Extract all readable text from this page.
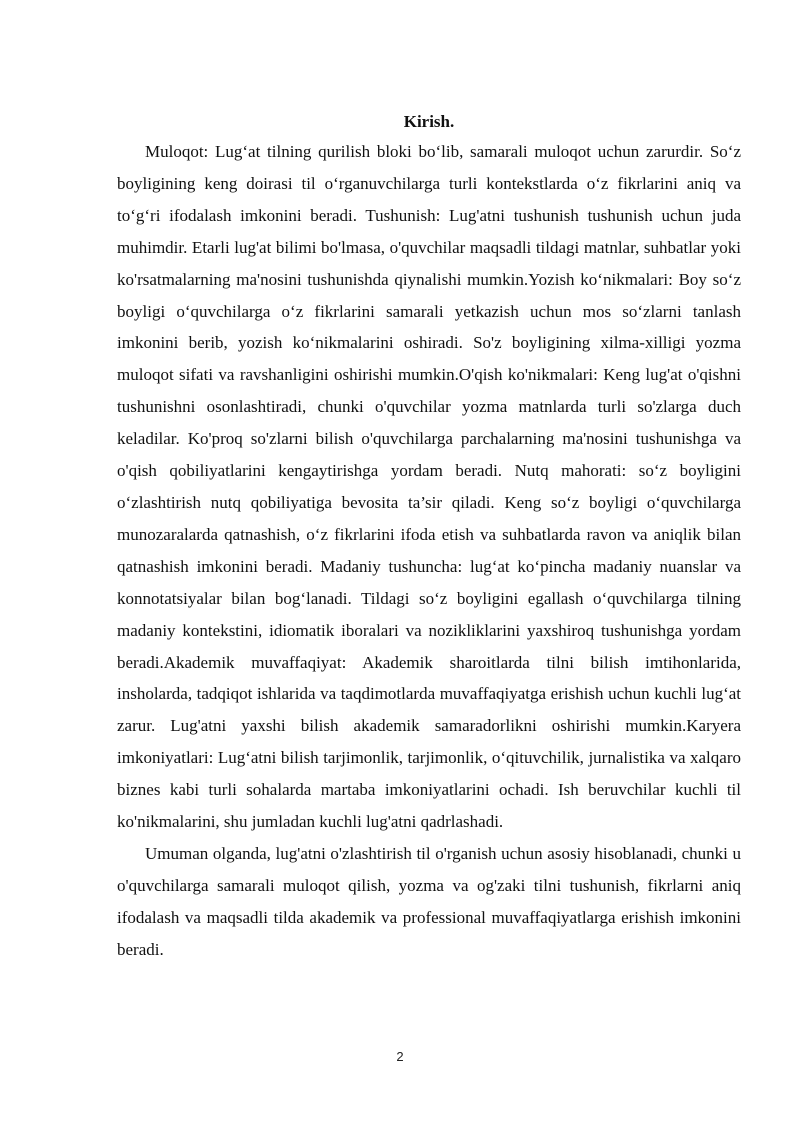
Kirish.

Muloqot: Lug‘at tilning qurilish bloki bo‘lib, samarali muloqot uchun zarurdir. So‘z boyligining keng doirasi til o‘rganuvchilarga turli kontekstlarda o‘z fikrlarini aniq va to‘g‘ri ifodalash imkonini beradi. Tushunish: Lug'atni tushunish tushunish uchun juda muhimdir. Etarli lug'at bilimi bo'lmasa, o'quvchilar maqsadli tildagi matnlar, suhbatlar yoki ko'rsatmalarning ma'nosini tushunishda qiynalishi mumkin.Yozish ko‘nikmalari: Boy so‘z boyligi o‘quvchilarga o‘z fikrlarini samarali yetkazish uchun mos so‘zlarni tanlash imkonini berib, yozish ko‘nikmalarini oshiradi. So'z boyligining xilma-xilligi yozma muloqot sifati va ravshanligini oshirishi mumkin.O'qish ko'nikmalari: Keng lug'at o'qishni tushunishni osonlashtiradi, chunki o'quvchilar yozma matnlarda turli so'zlarga duch keladilar. Ko'proq so'zlarni bilish o'quvchilarga parchalarning ma'nosini tushunishga va o'qish qobiliyatlarini kengaytirishga yordam beradi. Nutq mahorati: so‘z boyligini o‘zlashtirish nutq qobiliyatiga bevosita ta’sir qiladi. Keng so‘z boyligi o‘quvchilarga munozaralarda qatnashish, o‘z fikrlarini ifoda etish va suhbatlarda ravon va aniqlik bilan qatnashish imkonini beradi. Madaniy tushuncha: lug‘at ko‘pincha madaniy nuanslar va konnotatsiyalar bilan bog‘lanadi. Tildagi so‘z boyligini egallash o‘quvchilarga tilning madaniy kontekstini, idiomatik iboralari va nozikliklarini yaxshiroq tushunishga yordam beradi.Akademik muvaffaqiyat: Akademik sharoitlarda tilni bilish imtihonlarida, insholarda, tadqiqot ishlarida va taqdimotlarda muvaffaqiyatga erishish uchun kuchli lug‘at zarur. Lug'atni yaxshi bilish akademik samaradorlikni oshirishi mumkin.Karyera imkoniyatlari: Lug‘atni bilish tarjimonlik, tarjimonlik, o‘qituvchilik, jurnalistika va xalqaro biznes kabi turli sohalarda martaba imkoniyatlarini ochadi. Ish beruvchilar kuchli til ko'nikmalarini, shu jumladan kuchli lug'atni qadrlashadi.

Umuman olganda, lug'atni o'zlashtirish til o'rganish uchun asosiy hisoblanadi, chunki u o'quvchilarga samarali muloqot qilish, yozma va og'zaki tilni tushunish, fikrlarni aniq ifodalash va maqsadli tilda akademik va professional muvaffaqiyatlarga erishish imkonini beradi.

2
